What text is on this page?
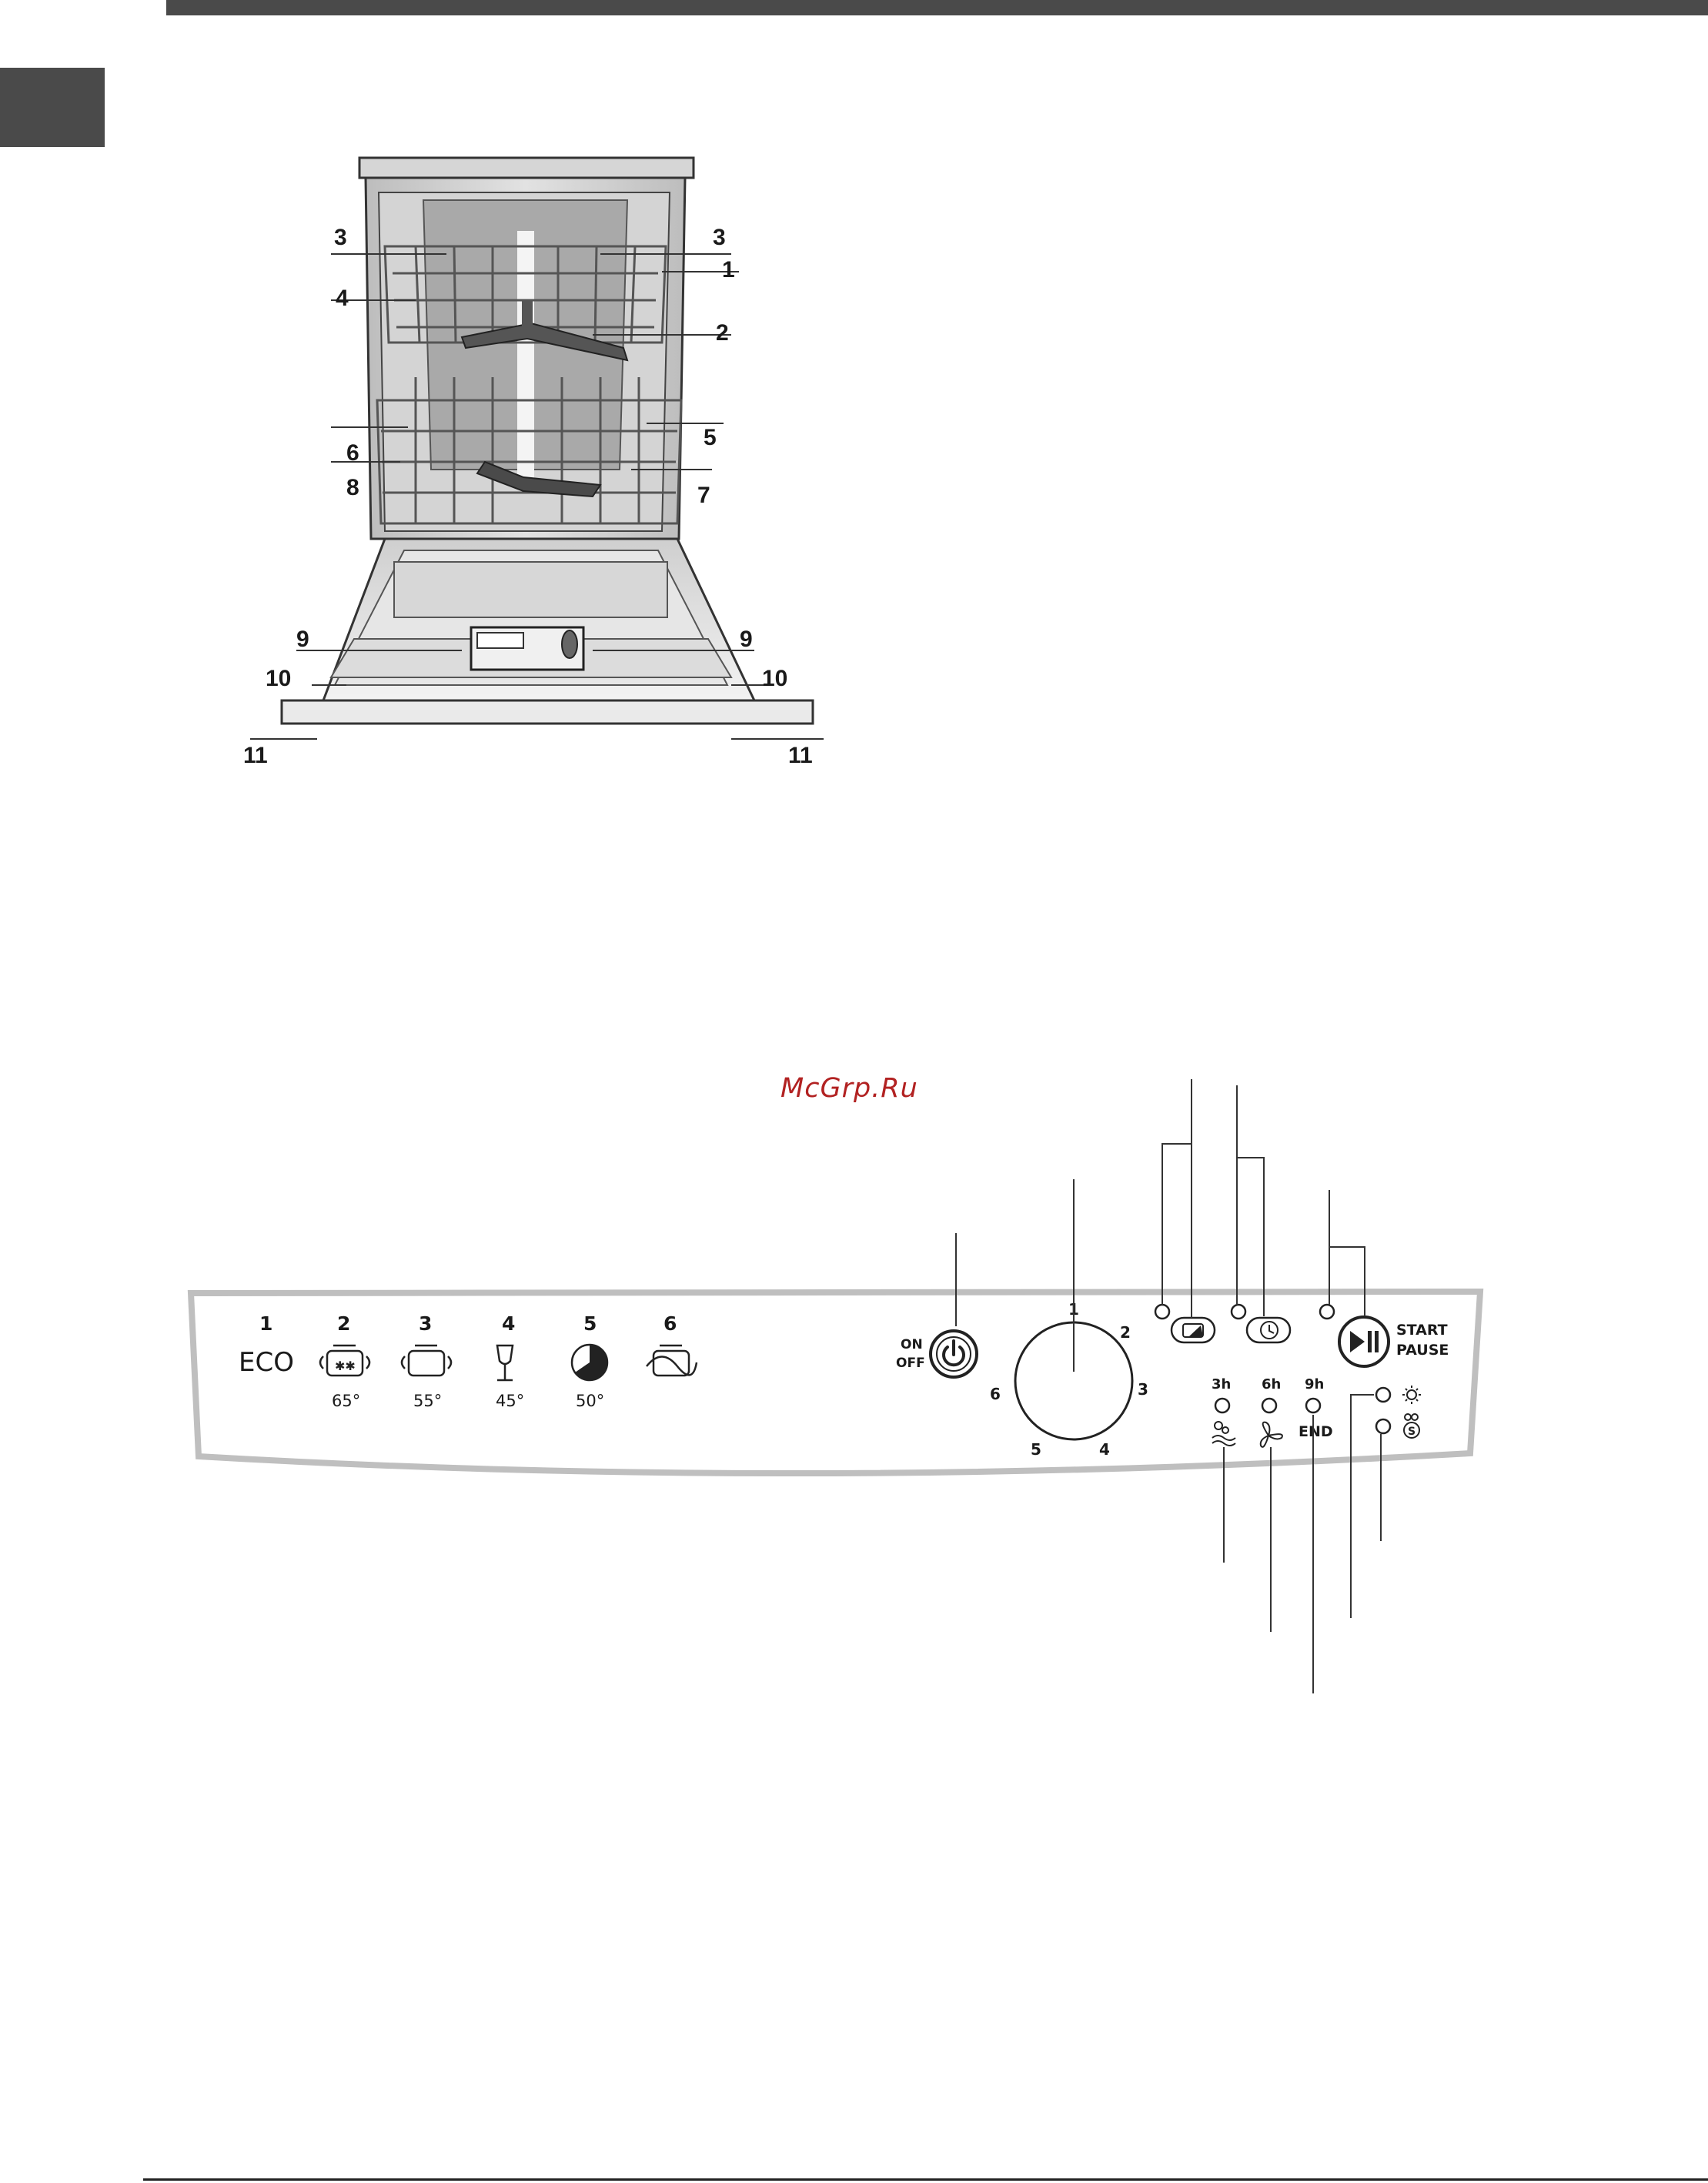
3	3
1
4
2
6
5
8	7
9	9
10	10
11	11
McGrp.Ru
1	2	3	4	5	6
ECO	✱✱
65°	55°	45°	50°
ON
OFF
1
2
3
4
5
6
START
PAUSE
3h 6h 9h
END	S
